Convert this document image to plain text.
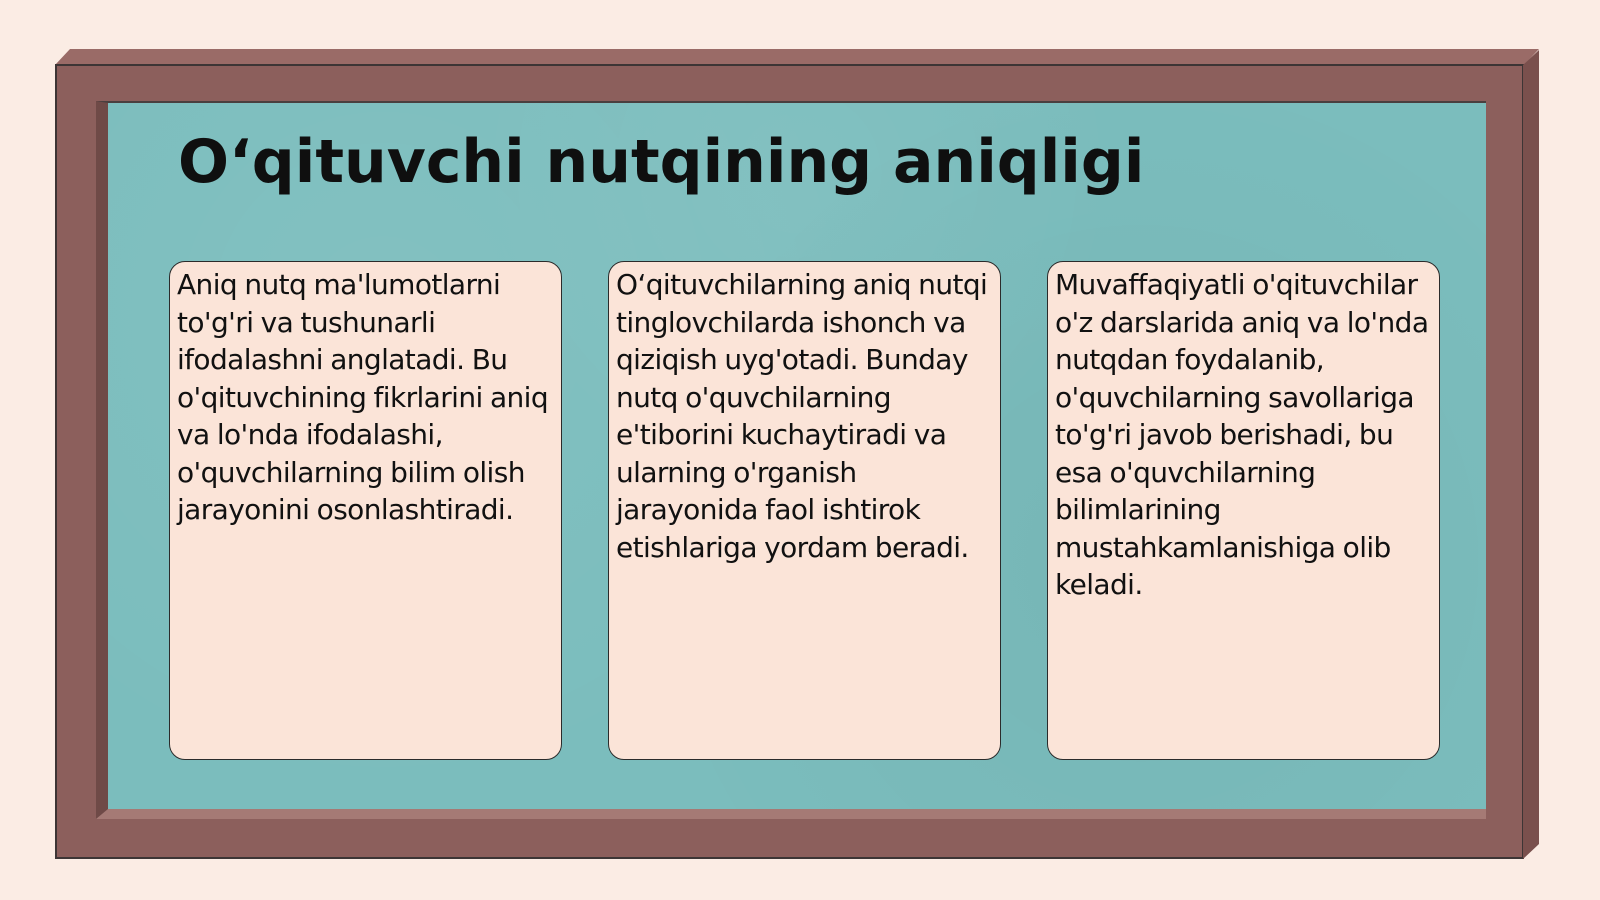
O‘qituvchi nutqining aniqligi

Aniq nutq ma'lumotlarni to'g'ri va tushunarli ifodalashni anglatadi. Bu o'qituvchining fikrlarini aniq va lo'nda ifodalashi, o'quvchilarning bilim olish jarayonini osonlashtiradi.

O‘qituvchilarning aniq nutqi tinglovchilarda ishonch va qiziqish uyg'otadi. Bunday nutq o'quvchilarning e'tiborini kuchaytiradi va ularning o'rganish jarayonida faol ishtirok etishlariga yordam beradi.

Muvaffaqiyatli o'qituvchilar o'z darslarida aniq va lo'nda nutqdan foydalanib, o'quvchilarning savollariga to'g'ri javob berishadi, bu esa o'quvchilarning bilimlarining mustahkamlanishiga olib keladi.
